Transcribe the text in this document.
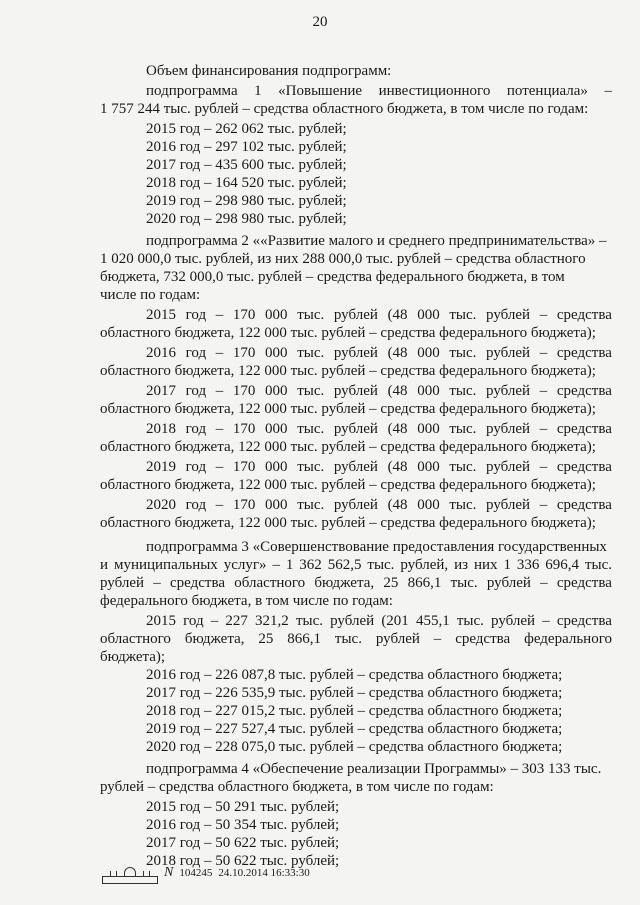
20
Объем финансирования подпрограмм:
подпрограмма 1 «Повышение инвестиционного потенциала» –
1 757 244 тыс. рублей – средства областного бюджета, в том числе по годам:
2015 год – 262 062 тыс. рублей;
2016 год – 297 102 тыс. рублей;
2017 год – 435 600 тыс. рублей;
2018 год – 164 520 тыс. рублей;
2019 год – 298 980 тыс. рублей;
2020 год – 298 980 тыс. рублей;
подпрограмма 2 ««Развитие малого и среднего предпринимательства» –
1 020 000,0 тыс. рублей, из них 288 000,0 тыс. рублей – средства областного
бюджета, 732 000,0 тыс. рублей – средства федерального бюджета, в том
числе по годам:
2015 год – 170 000 тыс. рублей (48 000 тыс. рублей – средства
областного бюджета, 122 000 тыс. рублей – средства федерального бюджета);
2016 год – 170 000 тыс. рублей (48 000 тыс. рублей – средства
областного бюджета, 122 000 тыс. рублей – средства федерального бюджета);
2017 год – 170 000 тыс. рублей (48 000 тыс. рублей – средства
областного бюджета, 122 000 тыс. рублей – средства федерального бюджета);
2018 год – 170 000 тыс. рублей (48 000 тыс. рублей – средства
областного бюджета, 122 000 тыс. рублей – средства федерального бюджета);
2019 год – 170 000 тыс. рублей (48 000 тыс. рублей – средства
областного бюджета, 122 000 тыс. рублей – средства федерального бюджета);
2020 год – 170 000 тыс. рублей (48 000 тыс. рублей – средства
областного бюджета, 122 000 тыс. рублей – средства федерального бюджета);
подпрограмма 3 «Совершенствование предоставления государственных
и муниципальных услуг» – 1 362 562,5 тыс. рублей, из них 1 336 696,4 тыс.
рублей – средства областного бюджета, 25 866,1 тыс. рублей – средства
федерального бюджета, в том числе по годам:
2015 год – 227 321,2 тыс. рублей (201 455,1 тыс. рублей – средства
областного бюджета, 25 866,1 тыс. рублей – средства федерального
бюджета);
2016 год – 226 087,8 тыс. рублей – средства областного бюджета;
2017 год – 226 535,9 тыс. рублей – средства областного бюджета;
2018 год – 227 015,2 тыс. рублей – средства областного бюджета;
2019 год – 227 527,4 тыс. рублей – средства областного бюджета;
2020 год – 228 075,0 тыс. рублей – средства областного бюджета;
подпрограмма 4 «Обеспечение реализации Программы» – 303 133 тыс.
рублей – средства областного бюджета, в том числе по годам:
2015 год – 50 291 тыс. рублей;
2016 год – 50 354 тыс. рублей;
2017 год – 50 622 тыс. рублей;
2018 год – 50 622 тыс. рублей;
N 104245 24.10.2014 16:33:30
